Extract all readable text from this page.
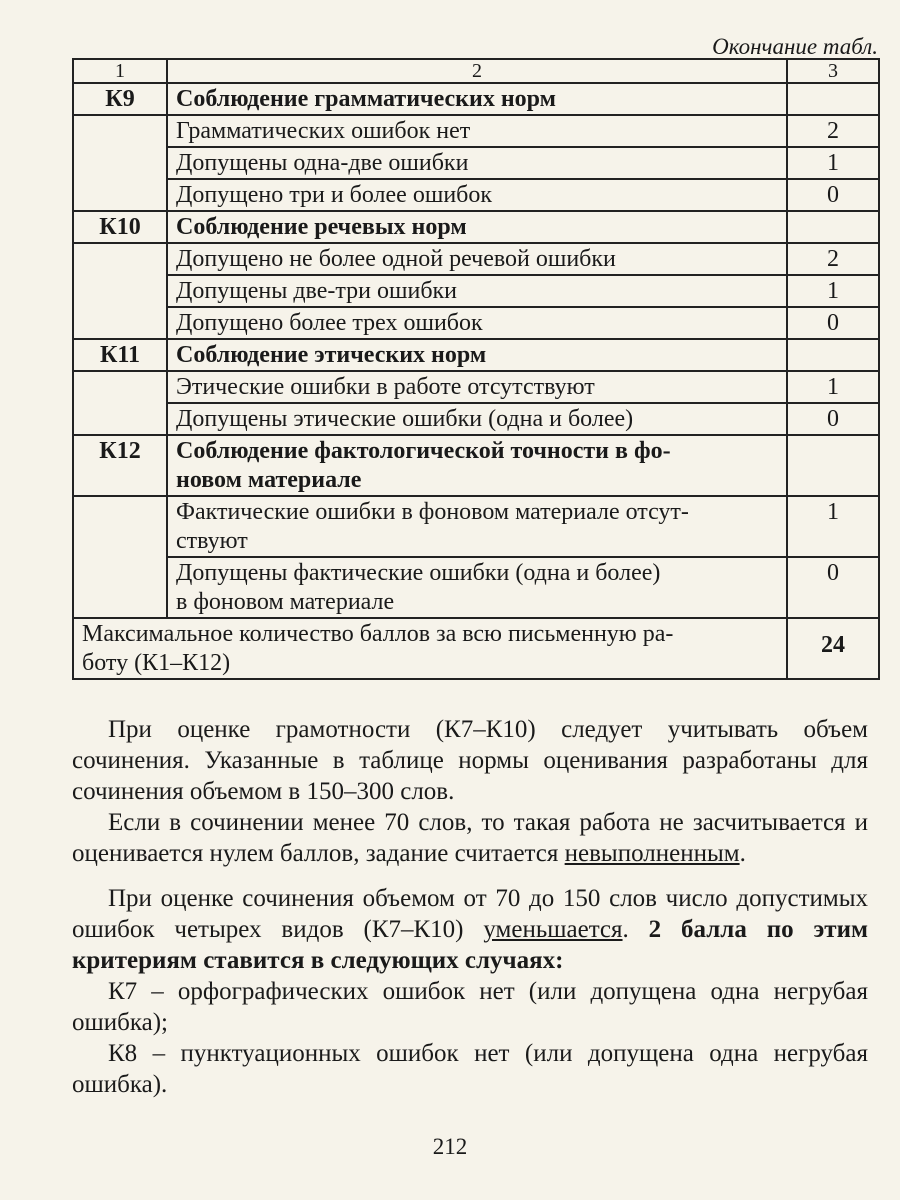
Окончание табл.
1	2	3
К9	Соблюдение грамматических норм	
	Грамматических ошибок нет	2
	Допущены одна-две ошибки	1
	Допущено три и более ошибок	0
К10	Соблюдение речевых норм	
	Допущено не более одной речевой ошибки	2
	Допущены две-три ошибки	1
	Допущено более трех ошибок	0
К11	Соблюдение этических норм	
	Этические ошибки в работе отсутствуют	1
	Допущены этические ошибки (одна и более)	0
К12	Соблюдение фактологической точности в фо-
новом материале	
	Фактические ошибки в фоновом материале отсут-
ствуют	1
	Допущены фактические ошибки (одна и более)
в фоновом материале	0
Максимальное количество баллов за всю письменную ра-
боту (К1–К12)		24

При оценке грамотности (К7–К10) следует учитывать объем сочинения. Указанные в таблице нормы оценивания разработаны для сочинения объемом в 150–300 слов.

Если в сочинении менее 70 слов, то такая работа не засчитывается и оценивается нулем баллов, задание считается невыполненным.

При оценке сочинения объемом от 70 до 150 слов число допустимых ошибок четырех видов (К7–К10) уменьшается. 2 балла по этим критериям ставится в следующих случаях:

К7 – орфографических ошибок нет (или допущена одна негрубая ошибка);

К8 – пунктуационных ошибок нет (или допущена одна негрубая ошибка).

212
